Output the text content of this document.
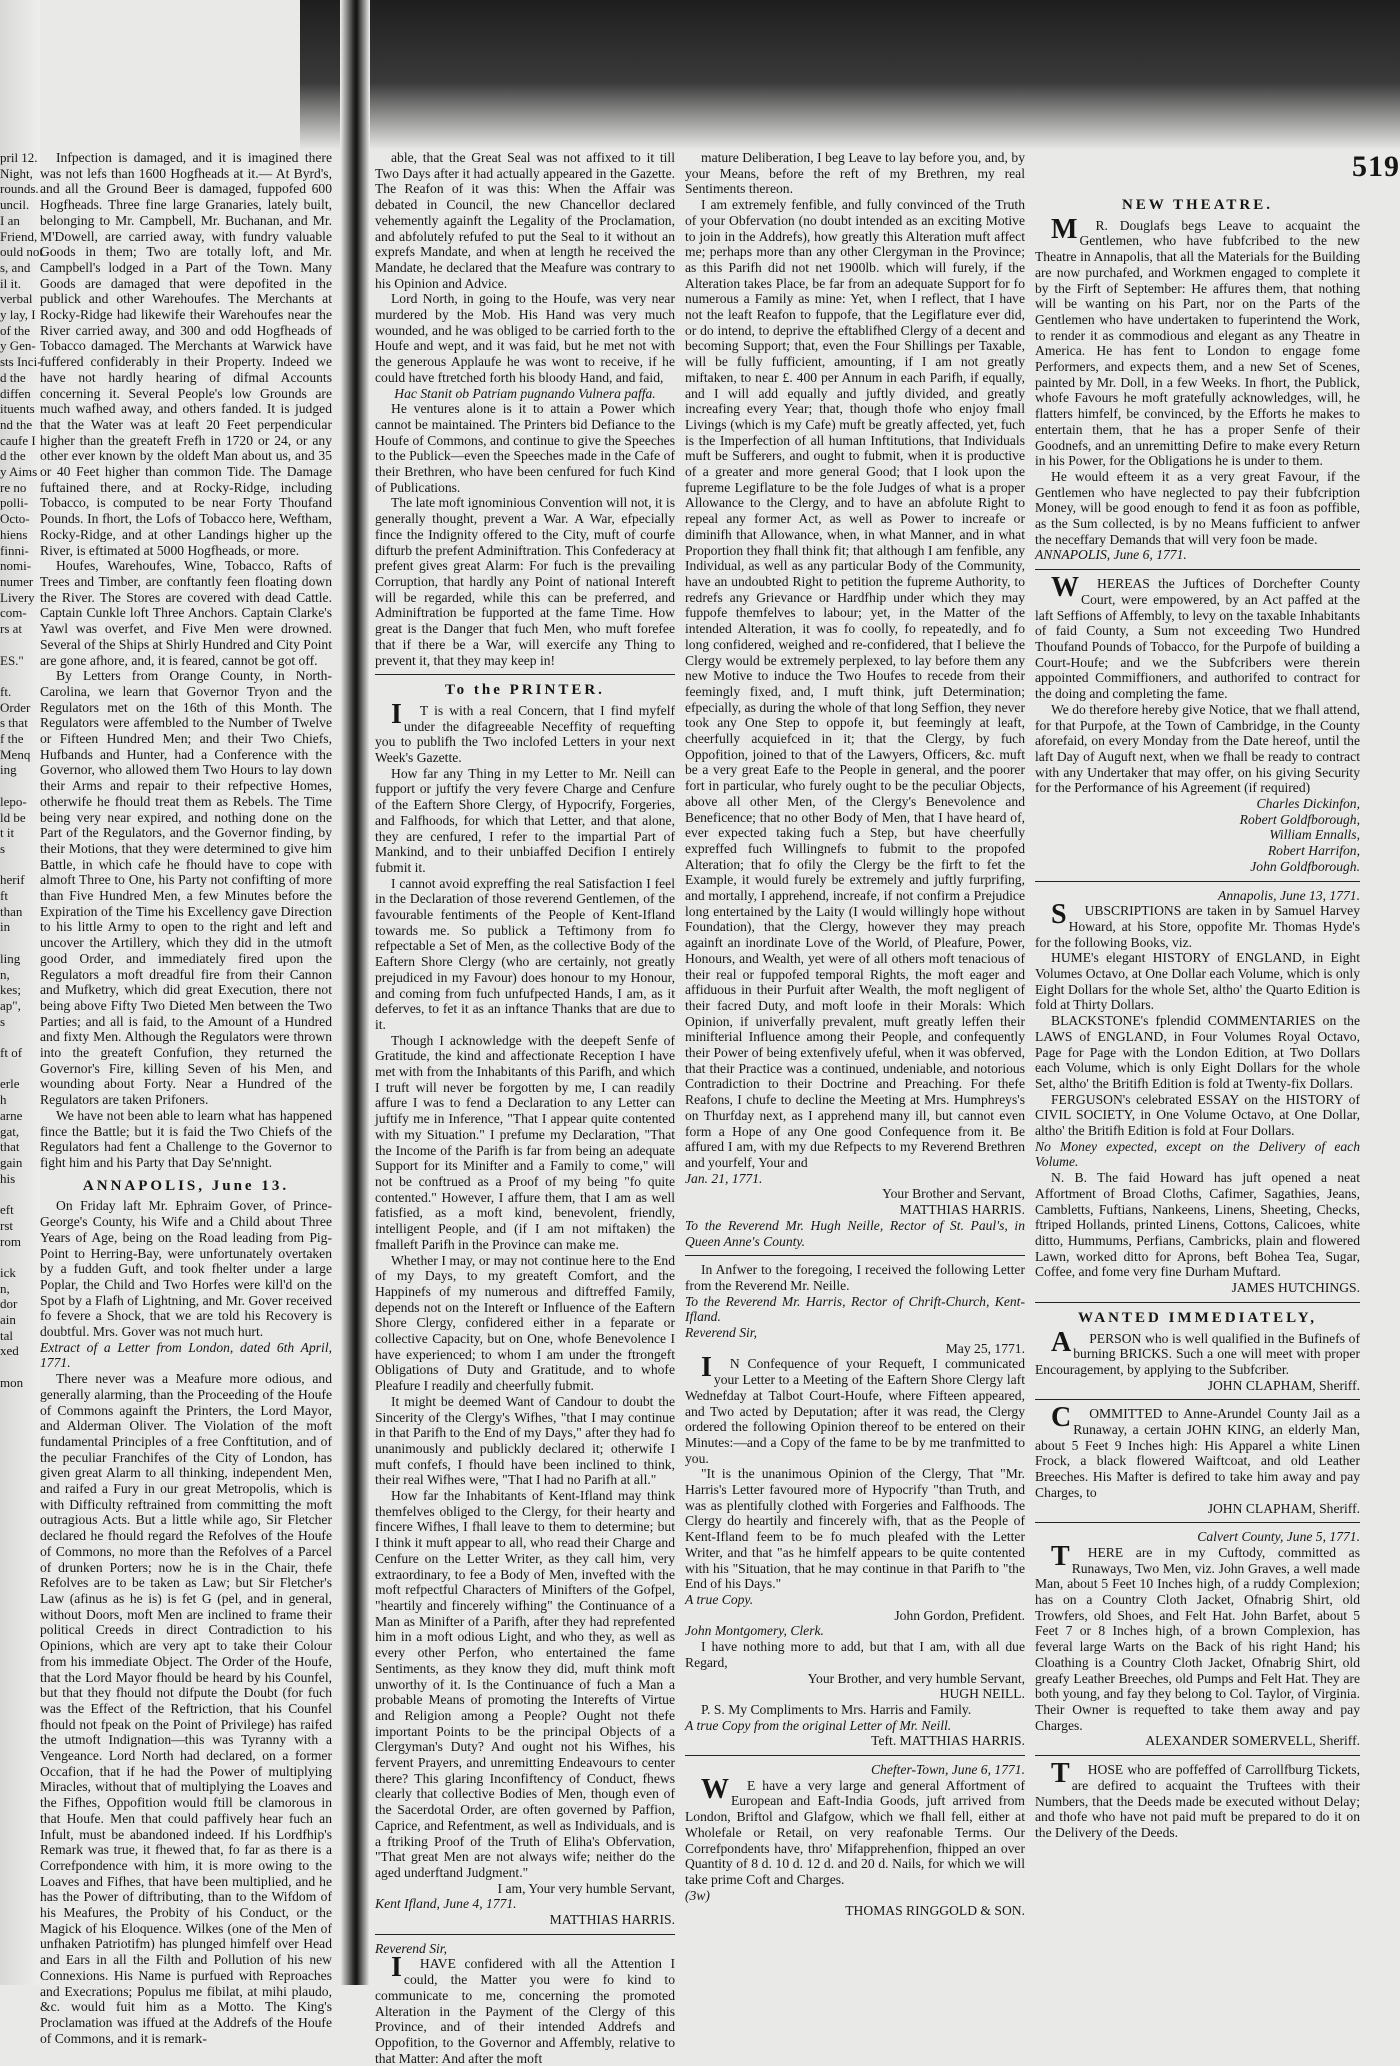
519
pril 12.
Night,
rounds.
uncil.
I an
Friend,
ould not
s, and
il it.
verbal
y lay, I
of the
y Gen-
sts Inci-
d the
diffen
ituents
nd the
caufe I
d the
y Aims
re no
polli-
Octo-
hiens
finni-
nomi-
numer
Livery
com-
rs at

ES."

ft.
Order
s that
f the
Menq
ing

lepo-
ld be
t it
s

herif
ft
than
in

ling
n,
kes;
ap",
s

ft of

erle
h
arne
gat,
that
gain
his

eft
rst
rom

ick
n,
dor
ain
tal
xed

mon

Infpection is damaged, and it is imagined there was not lefs than 1600 Hogfheads at it.— At Byrd's, and all the Ground Beer is damaged, fuppofed 600 Hogfheads. Three fine large Granaries, lately built, belonging to Mr. Campbell, Mr. Buchanan, and Mr. M'Dowell, are carried away, with fundry valuable Goods in them; Two are totally loft, and Mr. Campbell's lodged in a Part of the Town. Many Goods are damaged that were depofited in the publick and other Warehoufes. The Merchants at Rocky-Ridge had likewife their Warehoufes near the River carried away, and 300 and odd Hogfheads of Tobacco damaged. The Merchants at Warwick have fuffered confiderably in their Property. Indeed we have not hardly hearing of difmal Accounts concerning it. Several People's low Grounds are much wafhed away, and others fanded. It is judged that the Water was at leaft 20 Feet perpendicular higher than the greateft Frefh in 1720 or 24, or any other ever known by the oldeft Man about us, and 35 or 40 Feet higher than common Tide. The Damage fuftained there, and at Rocky-Ridge, including Tobacco, is computed to be near Forty Thoufand Pounds. In fhort, the Lofs of Tobacco here, Weftham, Rocky-Ridge, and at other Landings higher up the River, is eftimated at 5000 Hogfheads, or more.

Houfes, Warehoufes, Wine, Tobacco, Rafts of Trees and Timber, are conftantly feen floating down the River. The Stores are covered with dead Cattle. Captain Cunkle loft Three Anchors. Captain Clarke's Yawl was overfet, and Five Men were drowned. Several of the Ships at Shirly Hundred and City Point are gone afhore, and, it is feared, cannot be got off.

By Letters from Orange County, in North-Carolina, we learn that Governor Tryon and the Regulators met on the 16th of this Month. The Regulators were affembled to the Number of Twelve or Fifteen Hundred Men; and their Two Chiefs, Hufbands and Hunter, had a Conference with the Governor, who allowed them Two Hours to lay down their Arms and repair to their refpective Homes, otherwife he fhould treat them as Rebels. The Time being very near expired, and nothing done on the Part of the Regulators, and the Governor finding, by their Motions, that they were determined to give him Battle, in which cafe he fhould have to cope with almoft Three to One, his Party not confifting of more than Five Hundred Men, a few Minutes before the Expiration of the Time his Excellency gave Direction to his little Army to open to the right and left and uncover the Artillery, which they did in the utmoft good Order, and immediately fired upon the Regulators a moft dreadful fire from their Cannon and Mufketry, which did great Execution, there not being above Fifty Two Dieted Men between the Two Parties; and all is faid, to the Amount of a Hundred and fixty Men. Although the Regulators were thrown into the greateft Confufion, they returned the Governor's Fire, killing Seven of his Men, and wounding about Forty. Near a Hundred of the Regulators are taken Prifoners.

We have not been able to learn what has happened fince the Battle; but it is faid the Two Chiefs of the Regulators had fent a Challenge to the Governor to fight him and his Party that Day Se'nnight.

ANNAPOLIS, June 13.

On Friday laft Mr. Ephraim Gover, of Prince-George's County, his Wife and a Child about Three Years of Age, being on the Road leading from Pig-Point to Herring-Bay, were unfortunately overtaken by a fudden Guft, and took fhelter under a large Poplar, the Child and Two Horfes were kill'd on the Spot by a Flafh of Lightning, and Mr. Gover received fo fevere a Shock, that we are told his Recovery is doubtful. Mrs. Gover was not much hurt.

Extract of a Letter from London, dated 6th April, 1771.

There never was a Meafure more odious, and generally alarming, than the Proceeding of the Houfe of Commons againft the Printers, the Lord Mayor, and Alderman Oliver. The Violation of the moft fundamental Principles of a free Conftitution, and of the peculiar Franchifes of the City of London, has given great Alarm to all thinking, independent Men, and raifed a Fury in our great Metropolis, which is with Difficulty reftrained from committing the moft outragious Acts. But a little while ago, Sir Fletcher declared he fhould regard the Refolves of the Houfe of Commons, no more than the Refolves of a Parcel of drunken Porters; now he is in the Chair, thefe Refolves are to be taken as Law; but Sir Fletcher's Law (afinus as he is) is fet G (pel, and in general, without Doors, moft Men are inclined to frame their political Creeds in direct Contradiction to his Opinions, which are very apt to take their Colour from his immediate Object. The Order of the Houfe, that the Lord Mayor fhould be heard by his Counfel, but that they fhould not difpute the Doubt (for fuch was the Effect of the Reftriction, that his Counfel fhould not fpeak on the Point of Privilege) has raifed the utmoft Indignation—this was Tyranny with a Vengeance. Lord North had declared, on a former Occafion, that if he had the Power of multiplying Miracles, without that of multiplying the Loaves and the Fifhes, Oppofition would ftill be clamorous in that Houfe. Men that could paffively hear fuch an Infult, must be abandoned indeed. If his Lordfhip's Remark was true, it fhewed that, fo far as there is a Correfpondence with him, it is more owing to the Loaves and Fifhes, that have been multiplied, and he has the Power of diftributing, than to the Wifdom of his Meafures, the Probity of his Conduct, or the Magick of his Eloquence. Wilkes (one of the Men of unfhaken Patriotifm) has plunged himfelf over Head and Ears in all the Filth and Pollution of his new Connexions. His Name is purfued with Reproaches and Execrations; Populus me fibilat, at mihi plaudo, &c. would fuit him as a Motto. The King's Proclamation was iffued at the Addrefs of the Houfe of Commons, and it is remark-

able, that the Great Seal was not affixed to it till Two Days after it had actually appeared in the Gazette. The Reafon of it was this: When the Affair was debated in Council, the new Chancellor declared vehemently againft the Legality of the Proclamation, and abfolutely refufed to put the Seal to it without an exprefs Mandate, and when at length he received the Mandate, he declared that the Meafure was contrary to his Opinion and Advice.

Lord North, in going to the Houfe, was very near murdered by the Mob. His Hand was very much wounded, and he was obliged to be carried forth to the Houfe and wept, and it was faid, but he met not with the generous Applaufe he was wont to receive, if he could have ftretched forth his bloody Hand, and faid,

Hac Stanit ob Patriam pugnando Vulnera paffa.

He ventures alone is it to attain a Power which cannot be maintained. The Printers bid Defiance to the Houfe of Commons, and continue to give the Speeches to the Publick—even the Speeches made in the Cafe of their Brethren, who have been cenfured for fuch Kind of Publications.

The late moft ignominious Convention will not, it is generally thought, prevent a War. A War, efpecially fince the Indignity offered to the City, muft of courfe difturb the prefent Adminiftration. This Confederacy at prefent gives great Alarm: For fuch is the prevailing Corruption, that hardly any Point of national Intereft will be regarded, while this can be preferred, and Adminiftration be fupported at the fame Time. How great is the Danger that fuch Men, who muft forefee that if there be a War, will exercife any Thing to prevent it, that they may keep in!

To the PRINTER.

IT is with a real Concern, that I find myfelf under the difagreeable Neceffity of requefting you to publifh the Two inclofed Letters in your next Week's Gazette.

How far any Thing in my Letter to Mr. Neill can fupport or juftify the very fevere Charge and Cenfure of the Eaftern Shore Clergy, of Hypocrify, Forgeries, and Falfhoods, for which that Letter, and that alone, they are cenfured, I refer to the impartial Part of Mankind, and to their unbiaffed Decifion I entirely fubmit it.

I cannot avoid expreffing the real Satisfaction I feel in the Declaration of those reverend Gentlemen, of the favourable fentiments of the People of Kent-Ifland towards me. So publick a Teftimony from fo refpectable a Set of Men, as the collective Body of the Eaftern Shore Clergy (who are certainly, not greatly prejudiced in my Favour) does honour to my Honour, and coming from fuch unfufpected Hands, I am, as it deferves, to fet it as an inftance Thanks that are due to it.

Though I acknowledge with the deepeft Senfe of Gratitude, the kind and affectionate Reception I have met with from the Inhabitants of this Parifh, and which I truft will never be forgotten by me, I can readily affure I was to fend a Declaration to any Letter can juftify me in Inference, "That I appear quite contented with my Situation." I prefume my Declaration, "That the Income of the Parifh is far from being an adequate Support for its Minifter and a Family to come," will not be conftrued as a Proof of my being "fo quite contented." However, I affure them, that I am as well fatisfied, as a moft kind, benevolent, friendly, intelligent People, and (if I am not miftaken) the fmalleft Parifh in the Province can make me.

Whether I may, or may not continue here to the End of my Days, to my greateft Comfort, and the Happinefs of my numerous and diftreffed Family, depends not on the Intereft or Influence of the Eaftern Shore Clergy, confidered either in a feparate or collective Capacity, but on One, whofe Benevolence I have experienced; to whom I am under the ftrongeft Obligations of Duty and Gratitude, and to whofe Pleafure I readily and cheerfully fubmit.

It might be deemed Want of Candour to doubt the Sincerity of the Clergy's Wifhes, "that I may continue in that Parifh to the End of my Days," after they had fo unanimously and publickly declared it; otherwife I muft confefs, I fhould have been inclined to think, their real Wifhes were, "That I had no Parifh at all."

How far the Inhabitants of Kent-Ifland may think themfelves obliged to the Clergy, for their hearty and fincere Wifhes, I fhall leave to them to determine; but I think it muft appear to all, who read their Charge and Cenfure on the Letter Writer, as they call him, very extraordinary, to fee a Body of Men, invefted with the moft refpectful Characters of Minifters of the Gofpel, "heartily and fincerely wifhing" the Continuance of a Man as Minifter of a Parifh, after they had reprefented him in a moft odious Light, and who they, as well as every other Perfon, who entertained the fame Sentiments, as they know they did, muft think moft unworthy of it. Is the Continuance of fuch a Man a probable Means of promoting the Interefts of Virtue and Religion among a People? Ought not thefe important Points to be the principal Objects of a Clergyman's Duty? And ought not his Wifhes, his fervent Prayers, and unremitting Endeavours to center there? This glaring Inconfiftency of Conduct, fhews clearly that collective Bodies of Men, though even of the Sacerdotal Order, are often governed by Paffion, Caprice, and Refentment, as well as Individuals, and is a ftriking Proof of the Truth of Eliha's Obfervation, "That great Men are not always wife; neither do the aged underftand Judgment."

I am, Your very humble Servant,

Kent Ifland, June 4, 1771.

MATTHIAS HARRIS.

Reverend Sir,

IHAVE confidered with all the Attention I could, the Matter you were fo kind to communicate to me, concerning the promoted Alteration in the Payment of the Clergy of this Province, and of their intended Addrefs and Oppofition, to the Governor and Affembly, relative to that Matter: And after the moft

mature Deliberation, I beg Leave to lay before you, and, by your Means, before the reft of my Brethren, my real Sentiments thereon.

I am extremely fenfible, and fully convinced of the Truth of your Obfervation (no doubt intended as an exciting Motive to join in the Addrefs), how greatly this Alteration muft affect me; perhaps more than any other Clergyman in the Province; as this Parifh did not net 1900lb. which will furely, if the Alteration takes Place, be far from an adequate Support for fo numerous a Family as mine: Yet, when I reflect, that I have not the leaft Reafon to fuppofe, that the Legiflature ever did, or do intend, to deprive the eftablifhed Clergy of a decent and becoming Support; that, even the Four Shillings per Taxable, will be fully fufficient, amounting, if I am not greatly miftaken, to near £. 400 per Annum in each Parifh, if equally, and I will add equally and juftly divided, and greatly increafing every Year; that, though thofe who enjoy fmall Livings (which is my Cafe) muft be greatly affected, yet, fuch is the Imperfection of all human Inftitutions, that Individuals muft be Sufferers, and ought to fubmit, when it is productive of a greater and more general Good; that I look upon the fupreme Legiflature to be the fole Judges of what is a proper Allowance to the Clergy, and to have an abfolute Right to repeal any former Act, as well as Power to increafe or diminifh that Allowance, when, in what Manner, and in what Proportion they fhall think fit; that although I am fenfible, any Individual, as well as any particular Body of the Community, have an undoubted Right to petition the fupreme Authority, to redrefs any Grievance or Hardfhip under which they may fuppofe themfelves to labour; yet, in the Matter of the intended Alteration, it was fo coolly, fo repeatedly, and fo long confidered, weighed and re-confidered, that I believe the Clergy would be extremely perplexed, to lay before them any new Motive to induce the Two Houfes to recede from their feemingly fixed, and, I muft think, juft Determination; efpecially, as during the whole of that long Seffion, they never took any One Step to oppofe it, but feemingly at leaft, cheerfully acquiefced in it; that the Clergy, by fuch Oppofition, joined to that of the Lawyers, Officers, &c. muft be a very great Eafe to the People in general, and the poorer fort in particular, who furely ought to be the peculiar Objects, above all other Men, of the Clergy's Benevolence and Beneficence; that no other Body of Men, that I have heard of, ever expected taking fuch a Step, but have cheerfully expreffed fuch Willingnefs to fubmit to the propofed Alteration; that fo ofily the Clergy be the firft to fet the Example, it would furely be extremely and juftly furprifing, and mortally, I apprehend, increafe, if not confirm a Prejudice long entertained by the Laity (I would willingly hope without Foundation), that the Clergy, however they may preach againft an inordinate Love of the World, of Pleafure, Power, Honours, and Wealth, yet were of all others moft tenacious of their real or fuppofed temporal Rights, the moft eager and affiduous in their Purfuit after Wealth, the moft negligent of their facred Duty, and moft loofe in their Morals: Which Opinion, if univerfally prevalent, muft greatly leffen their minifterial Influence among their People, and confequently their Power of being extenfively ufeful, when it was obferved, that their Practice was a continued, undeniable, and notorious Contradiction to their Doctrine and Preaching. For thefe Reafons, I chufe to decline the Meeting at Mrs. Humphreys's on Thurfday next, as I apprehend many ill, but cannot even form a Hope of any One good Confequence from it. Be affured I am, with my due Refpects to my Reverend Brethren and yourfelf, Your and

Jan. 21, 1771.

Your Brother and Servant,

MATTHIAS HARRIS.

To the Reverend Mr. Hugh Neille, Rector of St. Paul's, in Queen Anne's County.

In Anfwer to the foregoing, I received the following Letter from the Reverend Mr. Neille.

To the Reverend Mr. Harris, Rector of Chrift-Church, Kent-Ifland.

Reverend Sir,

May 25, 1771.

IN Confequence of your Requeft, I communicated your Letter to a Meeting of the Eaftern Shore Clergy laft Wednefday at Talbot Court-Houfe, where Fifteen appeared, and Two acted by Deputation; after it was read, the Clergy ordered the following Opinion thereof to be entered on their Minutes:—and a Copy of the fame to be by me tranfmitted to you.

"It is the unanimous Opinion of the Clergy, That "Mr. Harris's Letter favoured more of Hypocrify "than Truth, and was as plentifully clothed with Forgeries and Falfhoods. The Clergy do heartily and fincerely wifh, that as the People of Kent-Ifland feem to be fo much pleafed with the Letter Writer, and that "as he himfelf appears to be quite contented with his "Situation, that he may continue in that Parifh to "the End of his Days."

A true Copy.

John Gordon, Prefident.

John Montgomery, Clerk.

I have nothing more to add, but that I am, with all due Regard,

Your Brother, and very humble Servant,

HUGH NEILL.

P. S. My Compliments to Mrs. Harris and Family.

A true Copy from the original Letter of Mr. Neill.

Teft. MATTHIAS HARRIS.

Chefter-Town, June 6, 1771.

WE have a very large and general Affortment of European and Eaft-India Goods, juft arrived from London, Briftol and Glafgow, which we fhall fell, either at Wholefale or Retail, on very reafonable Terms. Our Correfpondents have, thro' Mifapprehenfion, fhipped an over Quantity of 8 d. 10 d. 12 d. and 20 d. Nails, for which we will take prime Coft and Charges.

(3w)

THOMAS RINGGOLD & SON.

NEW THEATRE.

MR. Douglafs begs Leave to acquaint the Gentlemen, who have fubfcribed to the new Theatre in Annapolis, that all the Materials for the Building are now purchafed, and Workmen engaged to complete it by the Firft of September: He affures them, that nothing will be wanting on his Part, nor on the Parts of the Gentlemen who have undertaken to fuperintend the Work, to render it as commodious and elegant as any Theatre in America. He has fent to London to engage fome Performers, and expects them, and a new Set of Scenes, painted by Mr. Doll, in a few Weeks. In fhort, the Publick, whofe Favours he moft gratefully acknowledges, will, he flatters himfelf, be convinced, by the Efforts he makes to entertain them, that he has a proper Senfe of their Goodnefs, and an unremitting Defire to make every Return in his Power, for the Obligations he is under to them.

He would efteem it as a very great Favour, if the Gentlemen who have neglected to pay their fubfcription Money, will be good enough to fend it as foon as poffible, as the Sum collected, is by no Means fufficient to anfwer the neceffary Demands that will very foon be made.

ANNAPOLIS, June 6, 1771.

WHEREAS the Juftices of Dorchefter County Court, were empowered, by an Act paffed at the laft Seffions of Affembly, to levy on the taxable Inhabitants of faid County, a Sum not exceeding Two Hundred Thoufand Pounds of Tobacco, for the Purpofe of building a Court-Houfe; and we the Subfcribers were therein appointed Commiffioners, and authorifed to contract for the doing and completing the fame.

We do therefore hereby give Notice, that we fhall attend, for that Purpofe, at the Town of Cambridge, in the County aforefaid, on every Monday from the Date hereof, until the laft Day of Auguft next, when we fhall be ready to contract with any Undertaker that may offer, on his giving Security for the Performance of his Agreement (if required)

Charles Dickinfon,

Robert Goldfborough,

William Ennalls,

Robert Harrifon,

John Goldfborough.

Annapolis, June 13, 1771.

SUBSCRIPTIONS are taken in by Samuel Harvey Howard, at his Store, oppofite Mr. Thomas Hyde's for the following Books, viz.

HUME's elegant HISTORY of ENGLAND, in Eight Volumes Octavo, at One Dollar each Volume, which is only Eight Dollars for the whole Set, altho' the Quarto Edition is fold at Thirty Dollars.

BLACKSTONE's fplendid COMMENTARIES on the LAWS of ENGLAND, in Four Volumes Royal Octavo, Page for Page with the London Edition, at Two Dollars each Volume, which is only Eight Dollars for the whole Set, altho' the Britifh Edition is fold at Twenty-fix Dollars.

FERGUSON's celebrated ESSAY on the HISTORY of CIVIL SOCIETY, in One Volume Octavo, at One Dollar, altho' the Britifh Edition is fold at Four Dollars.

No Money expected, except on the Delivery of each Volume.

N. B. The faid Howard has juft opened a neat Affortment of Broad Cloths, Cafimer, Sagathies, Jeans, Cambletts, Fuftians, Nankeens, Linens, Sheeting, Checks, ftriped Hollands, printed Linens, Cottons, Calicoes, white ditto, Hummums, Perfians, Cambricks, plain and flowered Lawn, worked ditto for Aprons, beft Bohea Tea, Sugar, Coffee, and fome very fine Durham Muftard.

JAMES HUTCHINGS.

WANTED IMMEDIATELY,

APERSON who is well qualified in the Bufinefs of burning BRICKS. Such a one will meet with proper Encouragement, by applying to the Subfcriber.

JOHN CLAPHAM, Sheriff.

COMMITTED to Anne-Arundel County Jail as a Runaway, a certain JOHN KING, an elderly Man, about 5 Feet 9 Inches high: His Apparel a white Linen Frock, a black flowered Waiftcoat, and old Leather Breeches. His Mafter is defired to take him away and pay Charges, to

JOHN CLAPHAM, Sheriff.

Calvert County, June 5, 1771.

THERE are in my Cuftody, committed as Runaways, Two Men, viz. John Graves, a well made Man, about 5 Feet 10 Inches high, of a ruddy Complexion; has on a Country Cloth Jacket, Ofnabrig Shirt, old Trowfers, old Shoes, and Felt Hat. John Barfet, about 5 Feet 7 or 8 Inches high, of a brown Complexion, has feveral large Warts on the Back of his right Hand; his Cloathing is a Country Cloth Jacket, Ofnabrig Shirt, old greafy Leather Breeches, old Pumps and Felt Hat. They are both young, and fay they belong to Col. Taylor, of Virginia. Their Owner is requefted to take them away and pay Charges.

ALEXANDER SOMERVELL, Sheriff.

THOSE who are poffeffed of Carrollfburg Tickets, are defired to acquaint the Truftees with their Numbers, that the Deeds made be executed without Delay; and thofe who have not paid muft be prepared to do it on the Delivery of the Deeds.
